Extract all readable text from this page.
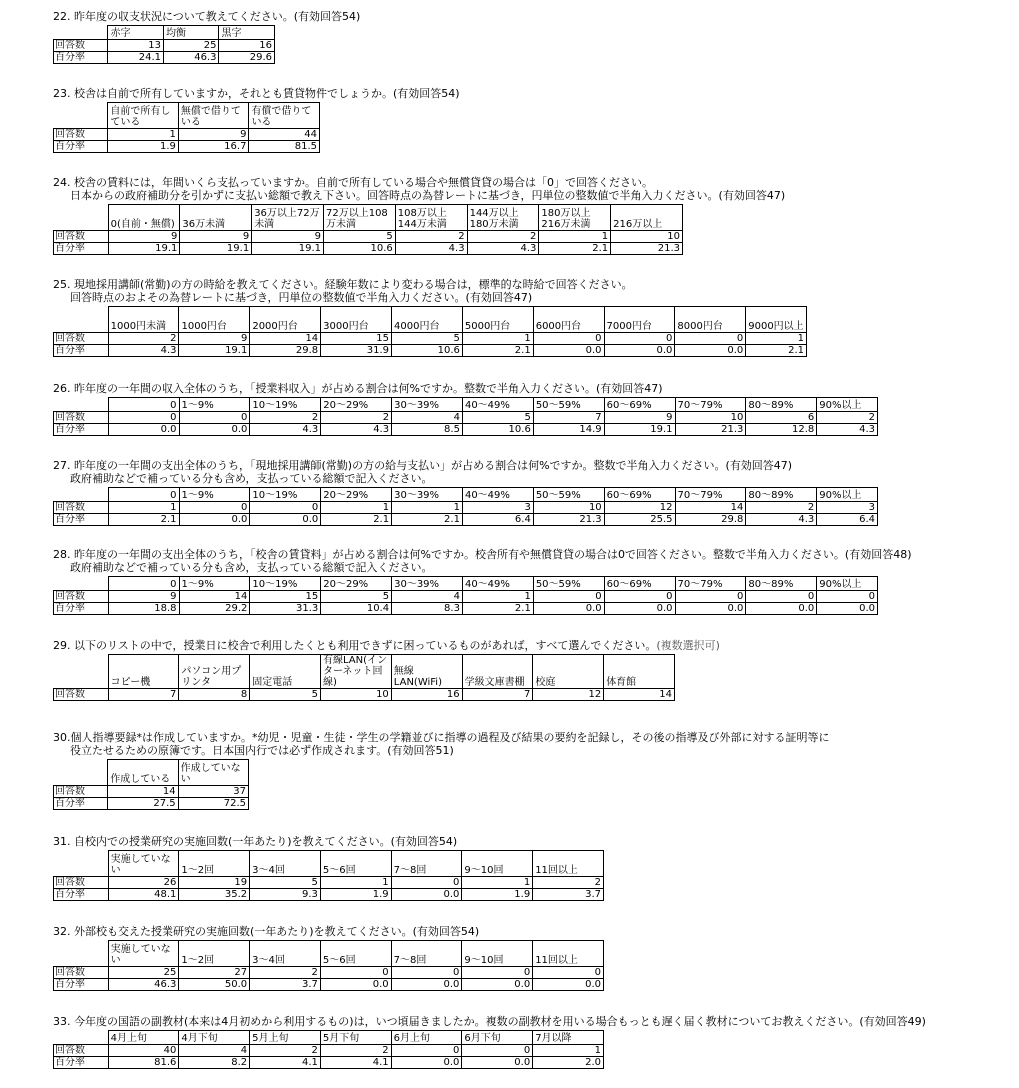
22. 昨年度の収支状況について教えてください。(有効回答54)
	赤字	均衡	黒字
回答数	13	25	16
百分率	24.1	46.3	29.6
23. 校舎は自前で所有していますか，それとも賃貸物件でしょうか。(有効回答54)
	自前で所有している	無償で借りている	有償で借りている
回答数	1	9	44
百分率	1.9	16.7	81.5
24. 校舎の賃料には，年間いくら支払っていますか。自前で所有している場合や無償貸貸の場合は「0」で回答ください。
日本からの政府補助分を引かずに支払い総額で教え下さい。回答時点の為替レートに基づき，円単位の整数値で半角入力ください。(有効回答47)
	0(自前・無償)	36万未満	36万以上72万未満	72万以上108万未満	108万以上144万未満	144万以上180万未満	180万以上216万未満	216万以上
回答数	9	9	9	5	2	2	1	10
百分率	19.1	19.1	19.1	10.6	4.3	4.3	2.1	21.3
25. 現地採用講師(常勤)の方の時給を教えてください。経験年数により変わる場合は，標準的な時給で回答ください。
回答時点のおよその為替レートに基づき，円単位の整数値で半角入力ください。(有効回答47)
	1000円未満	1000円台	2000円台	3000円台	4000円台	5000円台	6000円台	7000円台	8000円台	9000円以上
回答数	2	9	14	15	5	1	0	0	0	1
百分率	4.3	19.1	29.8	31.9	10.6	2.1	0.0	0.0	0.0	2.1
26. 昨年度の一年間の収入全体のうち，「授業料収入」が占める割合は何%ですか。整数で半角入力ください。(有効回答47)
	0	1～9%	10～19%	20～29%	30～39%	40～49%	50～59%	60～69%	70～79%	80～89%	90%以上
回答数	0	0	2	2	4	5	7	9	10	6	2
百分率	0.0	0.0	4.3	4.3	8.5	10.6	14.9	19.1	21.3	12.8	4.3
27. 昨年度の一年間の支出全体のうち，「現地採用講師(常勤)の方の給与支払い」が占める割合は何%ですか。整数で半角入力ください。(有効回答47)
政府補助などで補っている分も含め，支払っている総額で記入ください。
	0	1～9%	10～19%	20～29%	30～39%	40～49%	50～59%	60～69%	70～79%	80～89%	90%以上
回答数	1	0	0	1	1	3	10	12	14	2	3
百分率	2.1	0.0	0.0	2.1	2.1	6.4	21.3	25.5	29.8	4.3	6.4
28. 昨年度の一年間の支出全体のうち，「校舎の賃貸料」が占める割合は何%ですか。校舎所有や無償貸貸の場合は0で回答ください。整数で半角入力ください。(有効回答48)
政府補助などで補っている分も含め，支払っている総額で記入ください。
	0	1～9%	10～19%	20～29%	30～39%	40～49%	50～59%	60～69%	70～79%	80～89%	90%以上
回答数	9	14	15	5	4	1	0	0	0	0	0
百分率	18.8	29.2	31.3	10.4	8.3	2.1	0.0	0.0	0.0	0.0	0.0
29. 以下のリストの中で，授業日に校舎で利用したくとも利用できずに困っているものがあれば，すべて選んでください。(複数選択可)
	コピー機	パソコン用プリンタ	固定電話	有線LAN(インターネット回線)	無線LAN(WiFi)	学級文庫書棚	校庭	体育館
回答数	7	8	5	10	16	7	12	14
30.個人指導要録*は作成していますか。*幼児・児童・生徒・学生の学籍並びに指導の過程及び結果の要約を記録し，その後の指導及び外部に対する証明等に
役立たせるための原簿です。日本国内行では必ず作成されます。(有効回答51)
	作成している	作成していない
回答数	14	37
百分率	27.5	72.5
31. 自校内での授業研究の実施回数(一年あたり)を教えてください。(有効回答54)
	実施していない	1～2回	3～4回	5～6回	7～8回	9～10回	11回以上
回答数	26	19	5	1	0	1	2
百分率	48.1	35.2	9.3	1.9	0.0	1.9	3.7
32. 外部校も交えた授業研究の実施回数(一年あたり)を教えてください。(有効回答54)
	実施していない	1～2回	3～4回	5～6回	7～8回	9～10回	11回以上
回答数	25	27	2	0	0	0	0
百分率	46.3	50.0	3.7	0.0	0.0	0.0	0.0
33. 今年度の国語の副教材(本来は4月初めから利用するもの)は，いつ頃届きましたか。複数の副教材を用いる場合もっとも遅く届く教材についてお教えください。(有効回答49)
	4月上旬	4月下旬	5月上旬	5月下旬	6月上旬	6月下旬	7月以降
回答数	40	4	2	2	0	0	1
百分率	81.6	8.2	4.1	4.1	0.0	0.0	2.0
